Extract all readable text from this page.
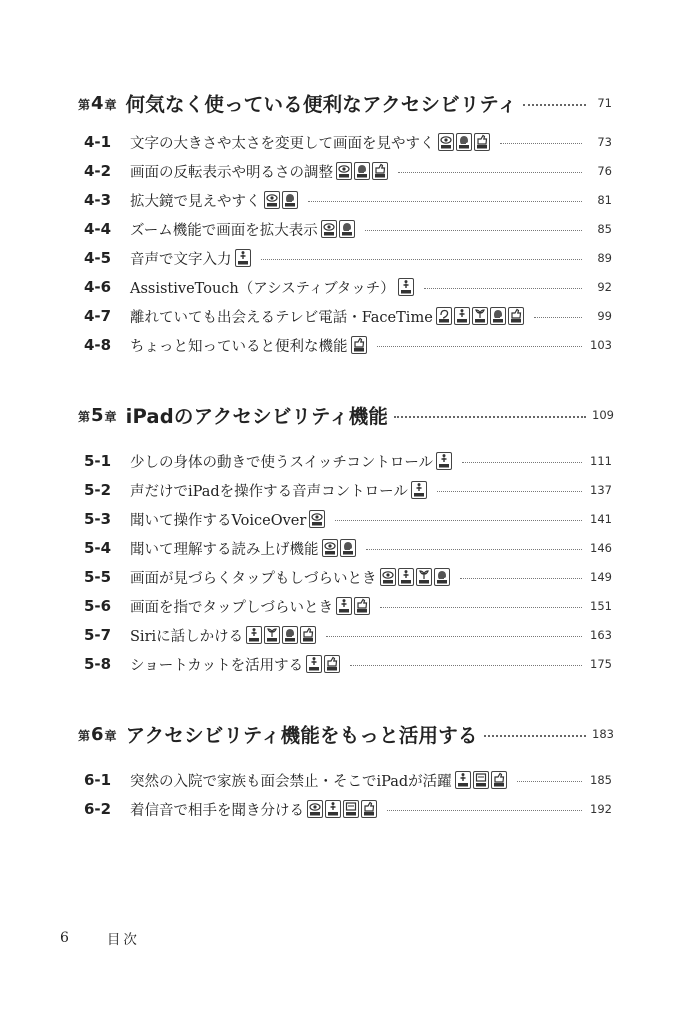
第 4 章 何気なく使っている便利なアクセシビリティ	71
4-1	文字の大きさや太さを変更して画面を見やすく	73
4-2	画面の反転表示や明るさの調整	76
4-3	拡大鏡で見えやすく	81
4-4	ズーム機能で画面を拡大表示	85
4-5	音声で文字入力	89
4-6	AssistiveTouch（アシスティブタッチ）	92
4-7	離れていても出会えるテレビ電話・FaceTime	99
4-8	ちょっと知っていると便利な機能	103
第 5 章 iPadのアクセシビリティ機能	109
5-1	少しの身体の動きで使うスイッチコントロール	111
5-2	声だけでiPadを操作する音声コントロール	137
5-3	聞いて操作するVoiceOver	141
5-4	聞いて理解する読み上げ機能	146
5-5	画面が見づらくタップもしづらいとき	149
5-6	画面を指でタップしづらいとき	151
5-7	Siriに話しかける	163
5-8	ショートカットを活用する	175
第 6 章 アクセシビリティ機能をもっと活用する	183
6-1	突然の入院で家族も面会禁止・そこでiPadが活躍	185
6-2	着信音で相手を聞き分ける	192
6	目次
